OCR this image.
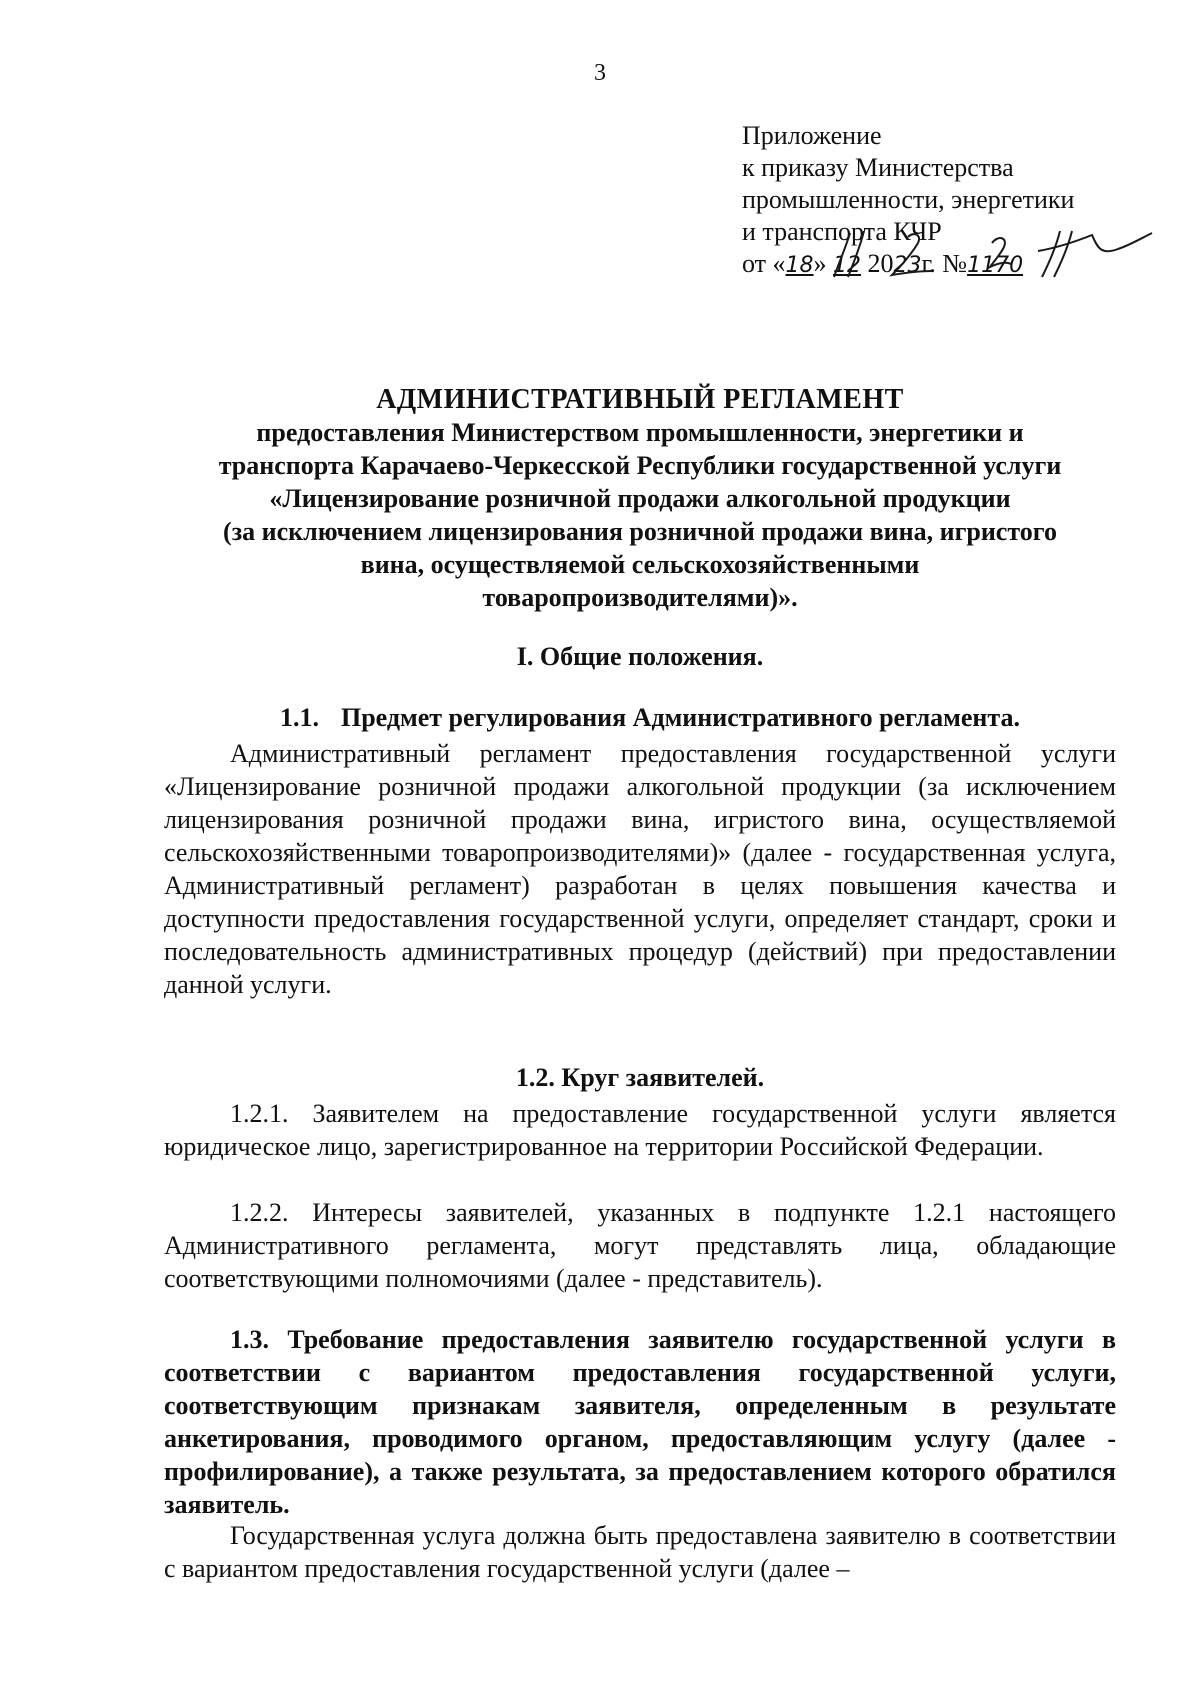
3
Приложение
к приказу Министерства
промышленности, энергетики
и транспорта КЧР
от «18» 12 2023г. №1170
АДМИНИСТРАТИВНЫЙ РЕГЛАМЕНТ
предоставления Министерством промышленности, энергетики и
транспорта Карачаево-Черкесской Республики государственной услуги
«Лицензирование розничной продажи алкогольной продукции
(за исключением лицензирования розничной продажи вина, игристого
вина, осуществляемой сельскохозяйственными
товаропроизводителями)».
I. Общие положения.
1.1. Предмет регулирования Административного регламента.

Административный регламент предоставления государственной услуги «Лицензирование розничной продажи алкогольной продукции (за исключением лицензирования розничной продажи вина, игристого вина, осуществляемой сельскохозяйственными товаропроизводителями)» (далее - государственная услуга, Административный регламент) разработан в целях повышения качества и доступности предоставления государственной услуги, определяет стандарт, сроки и последовательность административных процедур (действий) при предоставлении данной услуги.

1.2. Круг заявителей.

1.2.1. Заявителем на предоставление государственной услуги является юридическое лицо, зарегистрированное на территории Российской Федерации.

1.2.2. Интересы заявителей, указанных в подпункте 1.2.1 настоящего Административного регламента, могут представлять лица, обладающие соответствующими полномочиями (далее - представитель).

1.3. Требование предоставления заявителю государственной услуги в соответствии с вариантом предоставления государственной услуги, соответствующим признакам заявителя, определенным в результате анкетирования, проводимого органом, предоставляющим услугу (далее - профилирование), а также результата, за предоставлением которого обратился заявитель.

Государственная услуга должна быть предоставлена заявителю в соответствии с вариантом предоставления государственной услуги (далее –
